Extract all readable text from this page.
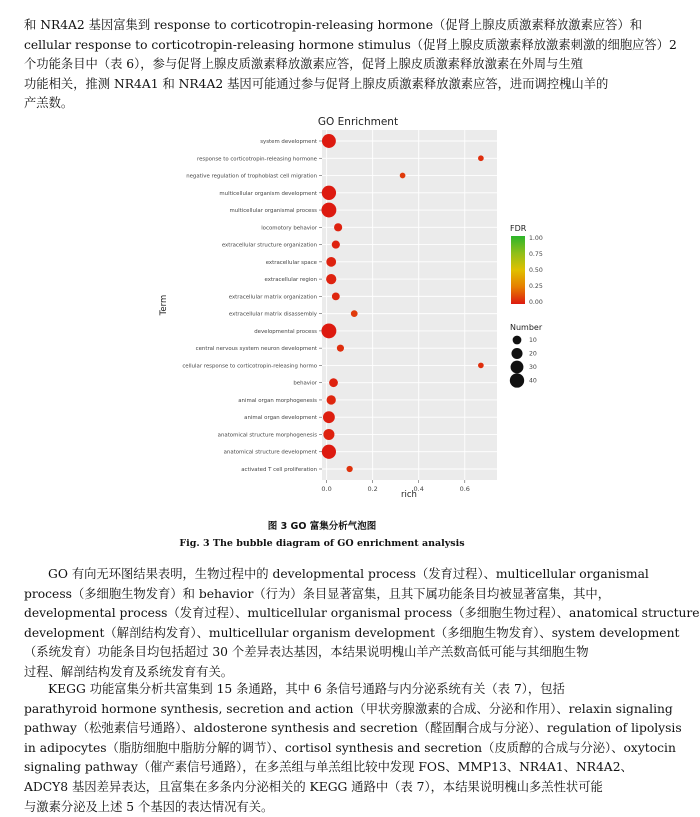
和 NR4A2 基因富集到 response to corticotropin-releasing hormone（促肾上腺皮质激素释放激素应答）和
cellular response to corticotropin-releasing hormone stimulus（促肾上腺皮质激素释放激素刺激的细胞应答）2
个功能条目中（表 6），参与促肾上腺皮质激素释放激素应答，促肾上腺皮质激素释放激素在外周与生殖
功能相关，推测 NR4A1 和 NR4A2 基因可能通过参与促肾上腺皮质激素释放激素应答，进而调控槐山羊的
产羔数。

GO Enrichment
system development
response to corticotropin-releasing hormone
negative regulation of trophoblast cell migration
multicellular organism development
multicellular organismal process
locomotory behavior
extracellular structure organization
extracellular space
extracellular region
extracellular matrix organization
extracellular matrix disassembly
developmental process
central nervous system neuron development
cellular response to corticotropin-releasing hormo
behavior
animal organ morphogenesis
animal organ development
anatomical structure morphogenesis
anatomical structure development
activated T cell proliferation
0.0	0.2	0.4	0.6
rich
Term
FDR
1.00
0.75
0.50
0.25
0.00
Number
10
20
30
40
图 3 GO 富集分析气泡图
Fig. 3 The bubble diagram of GO enrichment analysis

GO 有向无环图结果表明，生物过程中的 developmental process（发育过程）、multicellular organismal
process（多细胞生物发育）和 behavior（行为）条目显著富集，且其下属功能条目均被显著富集，其中，
developmental process（发育过程）、multicellular organismal process（多细胞生物过程）、anatomical structure
development（解剖结构发育）、multicellular organism development（多细胞生物发育）、system development
（系统发育）功能条目均包括超过 30 个差异表达基因，本结果说明槐山羊产羔数高低可能与其细胞生物
过程、解剖结构发育及系统发育有关。

KEGG 功能富集分析共富集到 15 条通路，其中 6 条信号通路与内分泌系统有关（表 7），包括
parathyroid hormone synthesis, secretion and action（甲状旁腺激素的合成、分泌和作用）、relaxin signaling
pathway（松弛素信号通路）、aldosterone synthesis and secretion（醛固酮合成与分泌）、regulation of lipolysis
in adipocytes（脂肪细胞中脂肪分解的调节）、cortisol synthesis and secretion（皮质醇的合成与分泌）、oxytocin
signaling pathway（催产素信号通路），在多羔组与单羔组比较中发现 FOS、MMP13、NR4A1、NR4A2、
ADCY8 基因差异表达，且富集在多条内分泌相关的 KEGG 通路中（表 7），本结果说明槐山多羔性状可能
与激素分泌及上述 5 个基因的表达情况有关。
